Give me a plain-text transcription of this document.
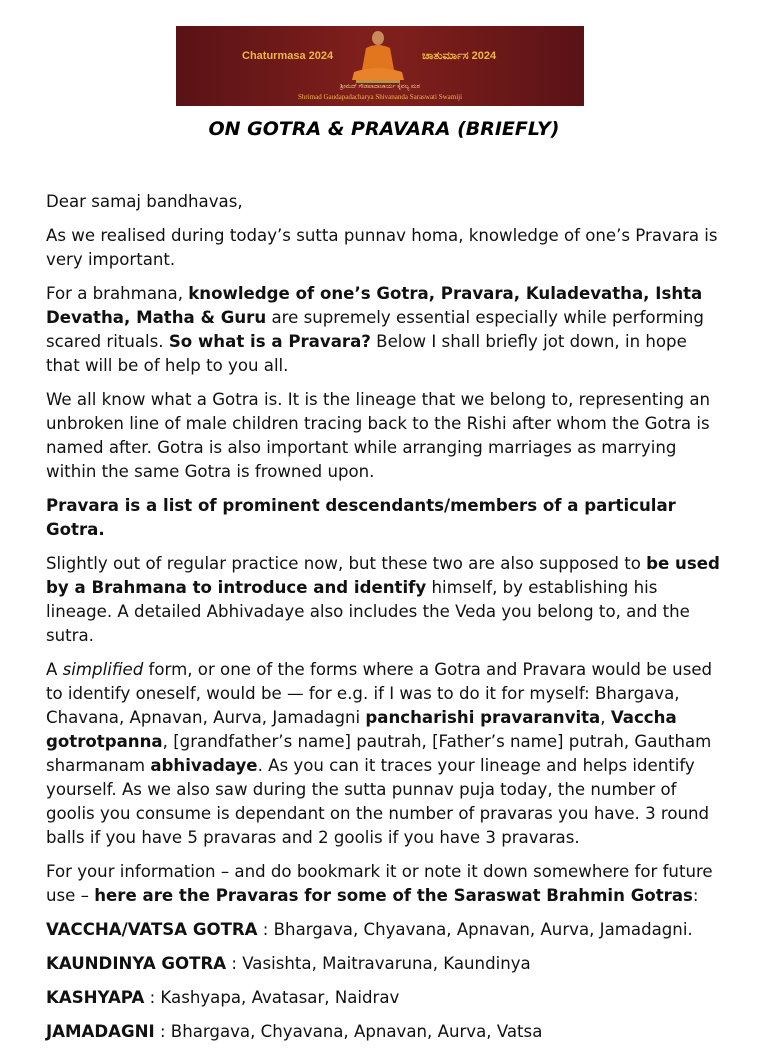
Chaturmasa 2024	ಚಾತುರ್ಮಾಸ 2024
ಶ್ರೀಮದ್ ಗೌಡಪಾದಾಚಾರ್ಯ ಕೈವಲ್ಯ ಮಠ
Shrimad Gaudapadacharya Shivananda Saraswati Swamiji
ON GOTRA & PRAVARA (BRIEFLY)

Dear samaj bandhavas,

As we realised during today’s sutta punnav homa, knowledge of one’s Pravara is very important.

For a brahmana, knowledge of one’s Gotra, Pravara, Kuladevatha, Ishta Devatha, Matha & Guru are supremely essential especially while performing scared rituals. So what is a Pravara? Below I shall briefly jot down, in hope that will be of help to you all.

We all know what a Gotra is. It is the lineage that we belong to, representing an unbroken line of male children tracing back to the Rishi after whom the Gotra is named after. Gotra is also important while arranging marriages as marrying within the same Gotra is frowned upon.

Pravara is a list of prominent descendants/members of a particular Gotra.

Slightly out of regular practice now, but these two are also supposed to be used by a Brahmana to introduce and identify himself, by establishing his lineage. A detailed Abhivadaye also includes the Veda you belong to, and the sutra.

A simplified form, or one of the forms where a Gotra and Pravara would be used to identify oneself, would be — for e.g. if I was to do it for myself: Bhargava, Chavana, Apnavan, Aurva, Jamadagni pancharishi pravaranvita, Vaccha gotrotpanna, [grandfather’s name] pautrah, [Father’s name] putrah, Gautham sharmanam abhivadaye. As you can it traces your lineage and helps identify yourself. As we also saw during the sutta punnav puja today, the number of goolis you consume is dependant on the number of pravaras you have. 3 round balls if you have 5 pravaras and 2 goolis if you have 3 pravaras.

For your information – and do bookmark it or note it down somewhere for future use – here are the Pravaras for some of the Saraswat Brahmin Gotras:

VACCHA/VATSA GOTRA : Bhargava, Chyavana, Apnavan, Aurva, Jamadagni.

KAUNDINYA GOTRA : Vasishta, Maitravaruna, Kaundinya

KASHYAPA : Kashyapa, Avatasar, Naidrav

JAMADAGNI : Bhargava, Chyavana, Apnavan, Aurva, Vatsa
